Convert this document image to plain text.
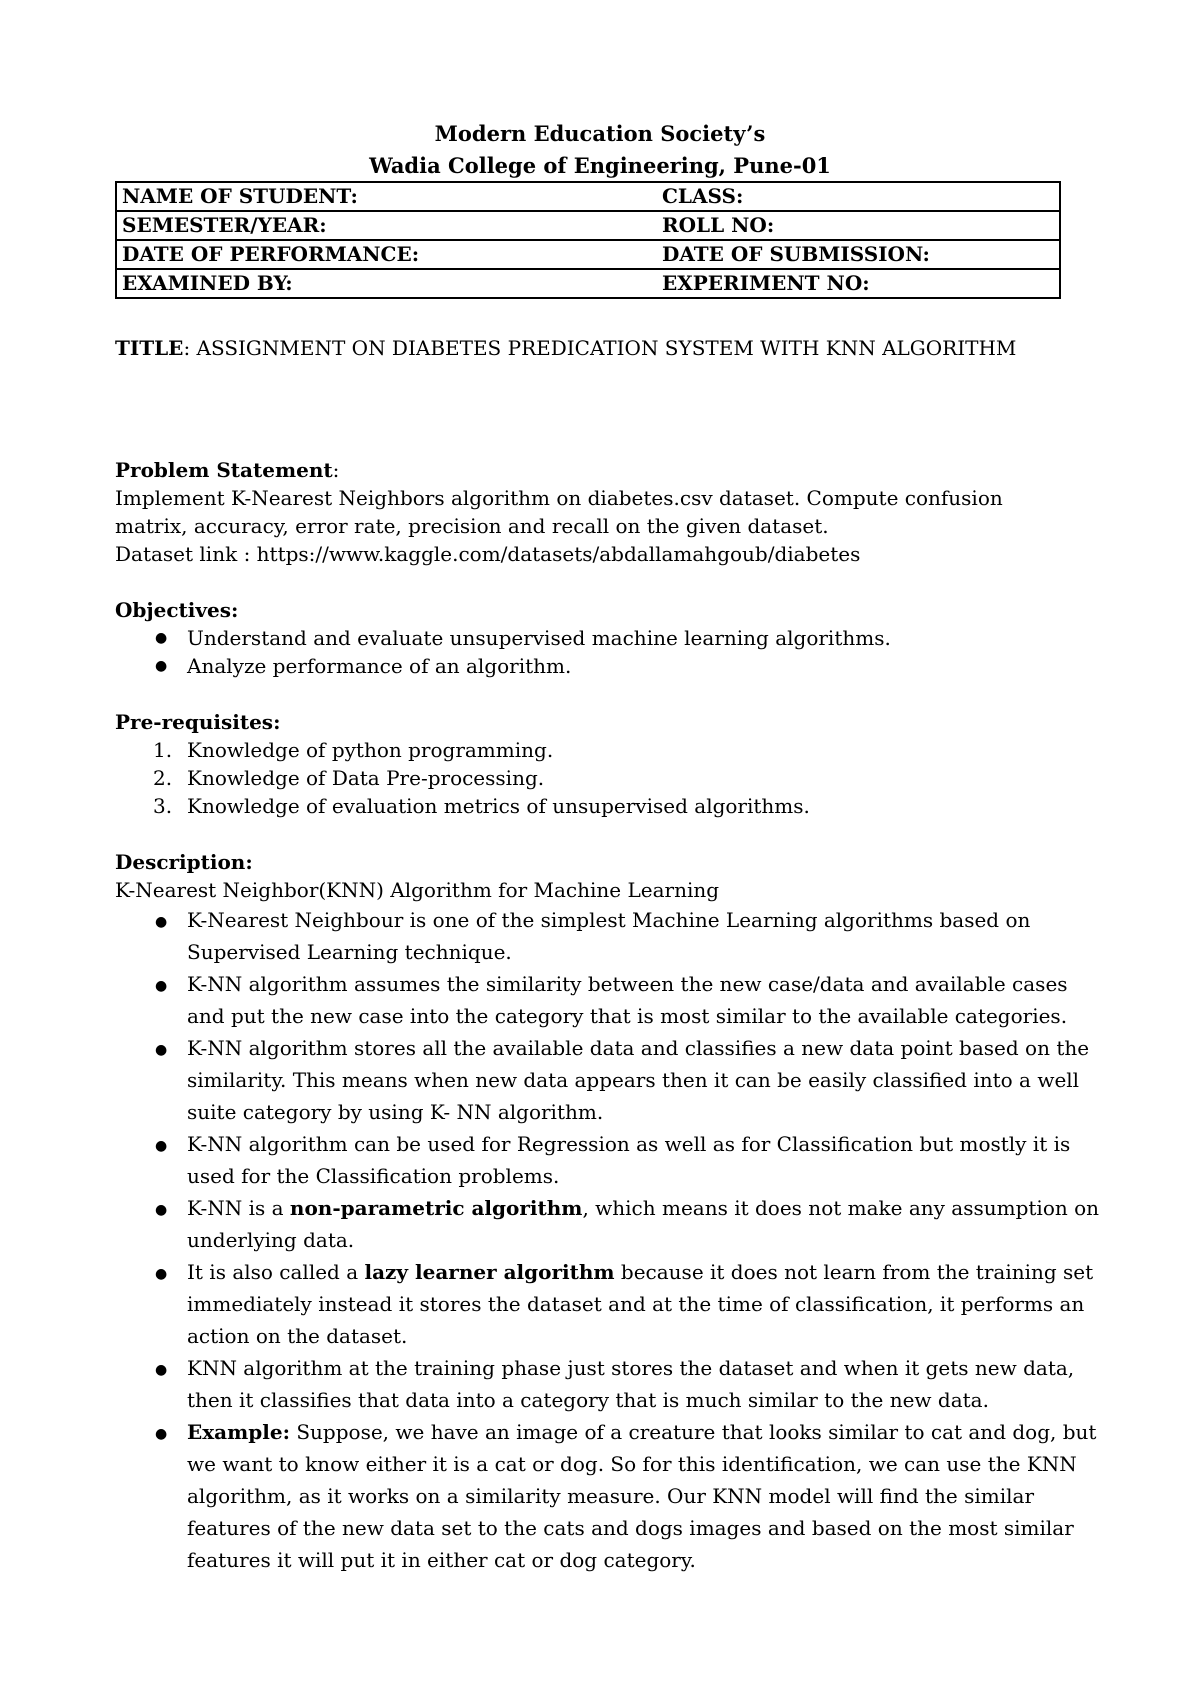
Modern Education Society’s
Wadia College of Engineering, Pune-01
NAME OF STUDENT:	CLASS:
SEMESTER/YEAR:	ROLL NO:
DATE OF PERFORMANCE:	DATE OF SUBMISSION:
EXAMINED BY:	EXPERIMENT NO:
TITLE: ASSIGNMENT ON DIABETES PREDICATION SYSTEM WITH KNN ALGORITHM
Problem Statement:
Implement K-Nearest Neighbors algorithm on diabetes.csv dataset. Compute confusion
matrix, accuracy, error rate, precision and recall on the given dataset.
Dataset link : https://www.kaggle.com/datasets/abdallamahgoub/diabetes
Objectives:
● Understand and evaluate unsupervised machine learning algorithms.
● Analyze performance of an algorithm.
Pre-requisites:
1. Knowledge of python programming.
2. Knowledge of Data Pre-processing.
3. Knowledge of evaluation metrics of unsupervised algorithms.
Description:
K-Nearest Neighbor(KNN) Algorithm for Machine Learning
● K-Nearest Neighbour is one of the simplest Machine Learning algorithms based on Supervised Learning technique.
● K-NN algorithm assumes the similarity between the new case/data and available cases and put the new case into the category that is most similar to the available categories.
● K-NN algorithm stores all the available data and classifies a new data point based on the similarity. This means when new data appears then it can be easily classified into a well suite category by using K- NN algorithm.
● K-NN algorithm can be used for Regression as well as for Classification but mostly it is used for the Classification problems.
● K-NN is a non-parametric algorithm, which means it does not make any assumption on underlying data.
● It is also called a lazy learner algorithm because it does not learn from the training set immediately instead it stores the dataset and at the time of classification, it performs an action on the dataset.
● KNN algorithm at the training phase just stores the dataset and when it gets new data, then it classifies that data into a category that is much similar to the new data.
● Example: Suppose, we have an image of a creature that looks similar to cat and dog, but we want to know either it is a cat or dog. So for this identification, we can use the KNN algorithm, as it works on a similarity measure. Our KNN model will find the similar features of the new data set to the cats and dogs images and based on the most similar features it will put it in either cat or dog category.
